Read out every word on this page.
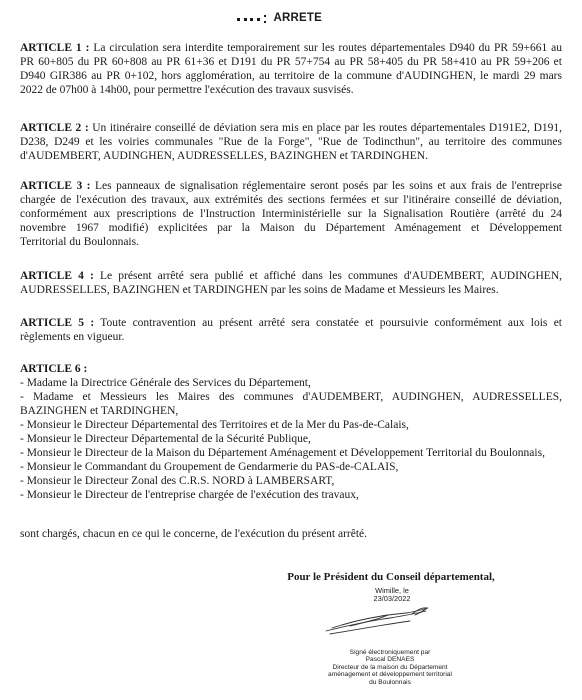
ARRETE
ARTICLE 1 : La circulation sera interdite temporairement sur les routes départementales D940 du PR 59+661 au
PR 60+805 du PR 60+808 au PR 61+36 et D191 du PR 57+754 au PR 58+405 du PR 58+410 au PR 59+206 et
D940 GIR386 au PR 0+102, hors agglomération, au territoire de la commune d'AUDINGHEN, le mardi 29 mars
2022 de 07h00 à 14h00, pour permettre l'exécution des travaux susvisés.
ARTICLE 2 : Un itinéraire conseillé de déviation sera mis en place par les routes départementales D191E2, D191,
D238, D249 et les voiries communales "Rue de la Forge", "Rue de Todincthun", au territoire des communes
d'AUDEMBERT, AUDINGHEN, AUDRESSELLES, BAZINGHEN et TARDINGHEN.
ARTICLE 3 : Les panneaux de signalisation réglementaire seront posés par les soins et aux frais de l'entreprise
chargée de l'exécution des travaux, aux extrémités des sections fermées et sur l'itinéraire conseillé de déviation,
conformément aux prescriptions de l'Instruction Interministérielle sur la Signalisation Routière (arrêté du 24
novembre 1967 modifié) explicitées par la Maison du Département Aménagement et Développement
Territorial du Boulonnais.
ARTICLE 4 : Le présent arrêté sera publié et affiché dans les communes d'AUDEMBERT, AUDINGHEN,
AUDRESSELLES, BAZINGHEN et TARDINGHEN par les soins de Madame et Messieurs les Maires.
ARTICLE 5 : Toute contravention au présent arrêté sera constatée et poursuivie conformément aux lois et
règlements en vigueur.
ARTICLE 6 :
- Madame la Directrice Générale des Services du Département,
- Madame et Messieurs les Maires des communes d'AUDEMBERT, AUDINGHEN, AUDRESSELLES,
BAZINGHEN et TARDINGHEN,
- Monsieur le Directeur Départemental des Territoires et de la Mer du Pas-de-Calais,
- Monsieur le Directeur Départemental de la Sécurité Publique,
- Monsieur le Directeur de la Maison du Département Aménagement et Développement Territorial du Boulonnais,
- Monsieur le Commandant du Groupement de Gendarmerie du PAS-de-CALAIS,
- Monsieur le Directeur Zonal des C.R.S. NORD à LAMBERSART,
- Monsieur le Directeur de l'entreprise chargée de l'exécution des travaux,
sont chargés, chacun en ce qui le concerne, de l'exécution du présent arrêté.
Pour le Président du Conseil départemental,
Wimille, le
23/03/2022
Signé électroniquement par
Pascal DENAES
Directeur de la maison du Département
aménagement et développement territorial
du Boulonnais
